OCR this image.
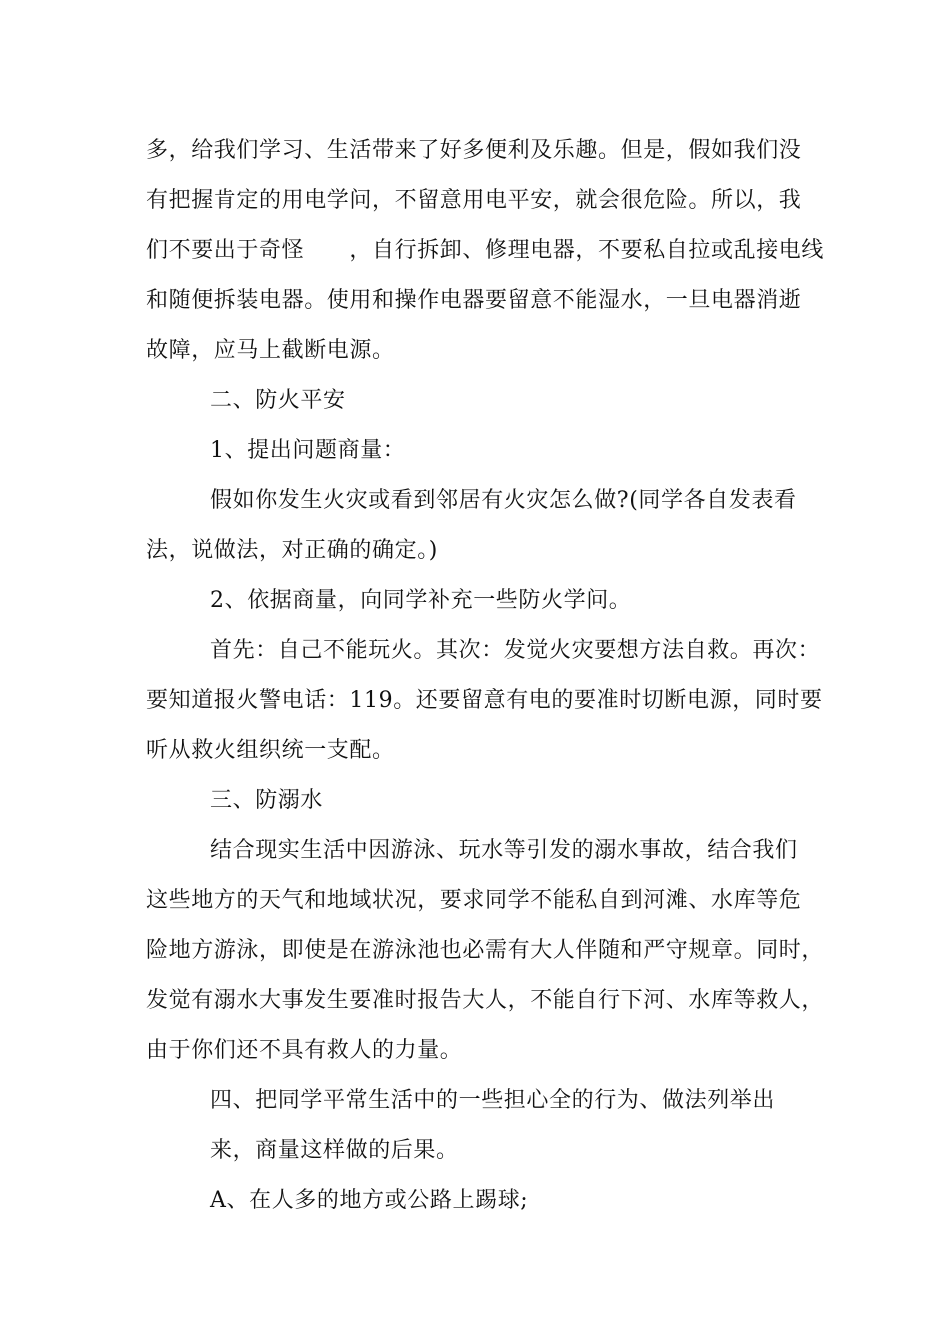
多，给我们学习、生活带来了好多便利及乐趣。但是，假如我们没

有把握肯定的用电学问，不留意用电平安，就会很危险。所以，我

们不要出于奇怪　　，自行拆卸、修理电器，不要私自拉或乱接电线

和随便拆装电器。使用和操作电器要留意不能湿水，一旦电器消逝

故障，应马上截断电源。

二、防火平安

1、提出问题商量：

假如你发生火灾或看到邻居有火灾怎么做?(同学各自发表看

法，说做法，对正确的确定。)

2、依据商量，向同学补充一些防火学问。

首先：自己不能玩火。其次：发觉火灾要想方法自救。再次：

要知道报火警电话：119。还要留意有电的要准时切断电源，同时要

听从救火组织统一支配。

三、防溺水

结合现实生活中因游泳、玩水等引发的溺水事故，结合我们

这些地方的天气和地域状况，要求同学不能私自到河滩、水库等危

险地方游泳，即使是在游泳池也必需有大人伴随和严守规章。同时，

发觉有溺水大事发生要准时报告大人，不能自行下河、水库等救人，

由于你们还不具有救人的力量。

四、把同学平常生活中的一些担心全的行为、做法列举出

来，商量这样做的后果。

A、在人多的地方或公路上踢球;
